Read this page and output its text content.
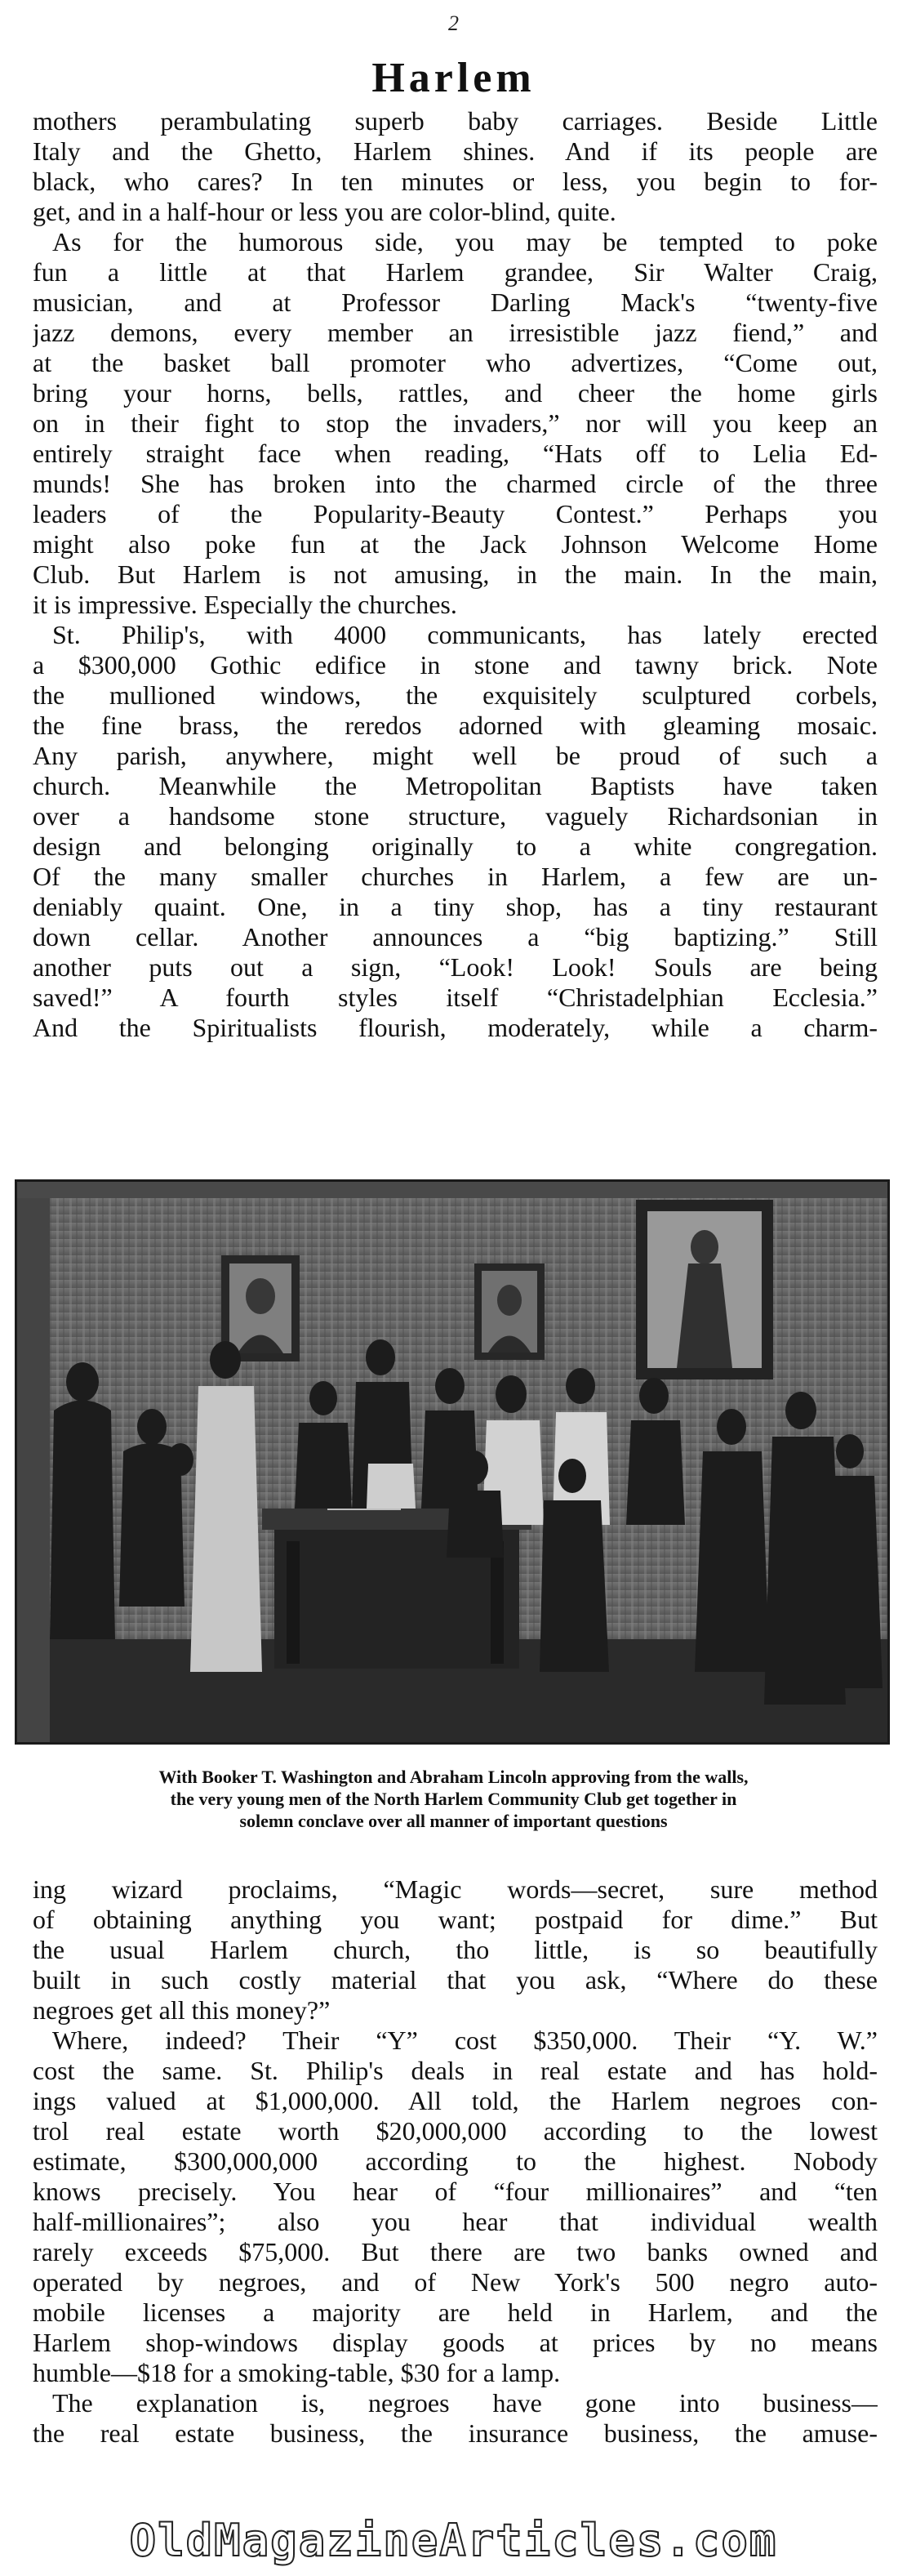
2
Harlem
mothers perambulating superb baby carriages. Beside Little
Italy and the Ghetto, Harlem shines. And if its people are
black, who cares? In ten minutes or less, you begin to for-
get, and in a half-hour or less you are color-blind, quite.
As for the humorous side, you may be tempted to poke
fun a little at that Harlem grandee, Sir Walter Craig,
musician, and at Professor Darling Mack's “twenty-five
jazz demons, every member an irresistible jazz fiend,” and
at the basket ball promoter who advertizes, “Come out,
bring your horns, bells, rattles, and cheer the home girls
on in their fight to stop the invaders,” nor will you keep an
entirely straight face when reading, “Hats off to Lelia Ed-
munds! She has broken into the charmed circle of the three
leaders of the Popularity-Beauty Contest.” Perhaps you
might also poke fun at the Jack Johnson Welcome Home
Club. But Harlem is not amusing, in the main. In the main,
it is impressive. Especially the churches.
St. Philip's, with 4000 communicants, has lately erected
a $300,000 Gothic edifice in stone and tawny brick. Note
the mullioned windows, the exquisitely sculptured corbels,
the fine brass, the reredos adorned with gleaming mosaic.
Any parish, anywhere, might well be proud of such a
church. Meanwhile the Metropolitan Baptists have taken
over a handsome stone structure, vaguely Richardsonian in
design and belonging originally to a white congregation.
Of the many smaller churches in Harlem, a few are un-
deniably quaint. One, in a tiny shop, has a tiny restaurant
down cellar. Another announces a “big baptizing.” Still
another puts out a sign, “Look! Look! Souls are being
saved!” A fourth styles itself “Christadelphian Ecclesia.”
And the Spiritualists flourish, moderately, while a charm-
With Booker T. Washington and Abraham Lincoln approving from the walls,
the very young men of the North Harlem Community Club get together in
solemn conclave over all manner of important questions
ing wizard proclaims, “Magic words—secret, sure method
of obtaining anything you want; postpaid for dime.” But
the usual Harlem church, tho little, is so beautifully
built in such costly material that you ask, “Where do these
negroes get all this money?”
Where, indeed? Their “Y” cost $350,000. Their “Y. W.”
cost the same. St. Philip's deals in real estate and has hold-
ings valued at $1,000,000. All told, the Harlem negroes con-
trol real estate worth $20,000,000 according to the lowest
estimate, $300,000,000 according to the highest. Nobody
knows precisely. You hear of “four millionaires” and “ten
half-millionaires”; also you hear that individual wealth
rarely exceeds $75,000. But there are two banks owned and
operated by negroes, and of New York's 500 negro auto-
mobile licenses a majority are held in Harlem, and the
Harlem shop-windows display goods at prices by no means
humble—$18 for a smoking-table, $30 for a lamp.
The explanation is, negroes have gone into business—
the real estate business, the insurance business, the amuse-
OldMagazineArticles.com
